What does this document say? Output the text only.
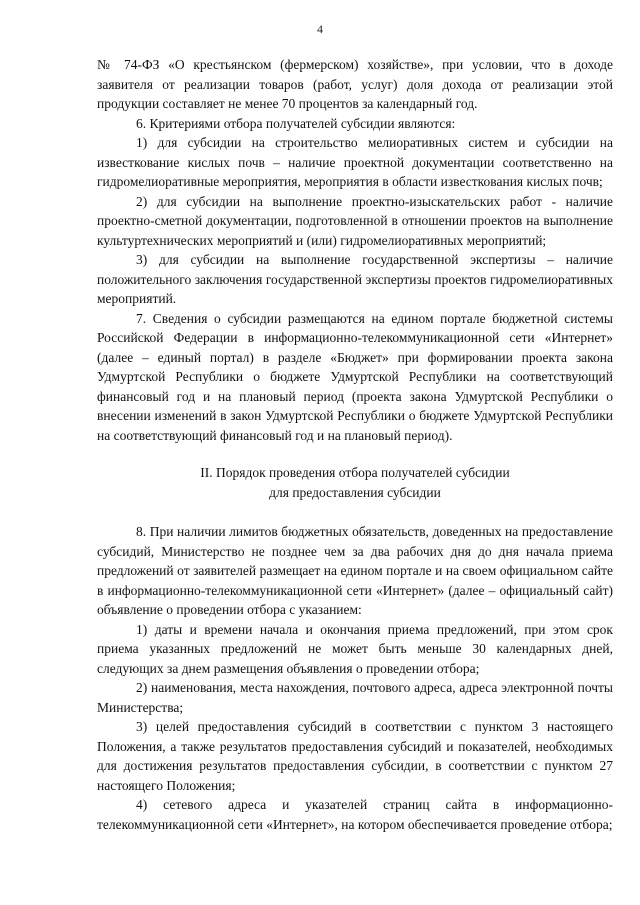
4

№ 74-ФЗ «О крестьянском (фермерском) хозяйстве», при условии, что в доходе заявителя от реализации товаров (работ, услуг) доля дохода от реализации этой продукции составляет не менее 70 процентов за календарный год.

6. Критериями отбора получателей субсидии являются:

1) для субсидии на строительство мелиоративных систем и субсидии на известкование кислых почв – наличие проектной документации соответственно на гидромелиоративные мероприятия, мероприятия в области известкования кислых почв;

2) для субсидии на выполнение проектно-изыскательских работ - наличие проектно-сметной документации, подготовленной в отношении проектов на выполнение культуртехнических мероприятий и (или) гидромелиоративных мероприятий;

3) для субсидии на выполнение государственной экспертизы – наличие положительного заключения государственной экспертизы проектов гидромелиоративных мероприятий.

7. Сведения о субсидии размещаются на едином портале бюджетной системы Российской Федерации в информационно-телекоммуникационной сети «Интернет» (далее – единый портал) в разделе «Бюджет» при формировании проекта закона Удмуртской Республики о бюджете Удмуртской Республики на соответствующий финансовый год и на плановый период (проекта закона Удмуртской Республики о внесении изменений в закон Удмуртской Республики о бюджете Удмуртской Республики на соответствующий финансовый год и на плановый период).

II. Порядок проведения отбора получателей субсидии

для предоставления субсидии

8. При наличии лимитов бюджетных обязательств, доведенных на предоставление субсидий, Министерство не позднее чем за два рабочих дня до дня начала приема предложений от заявителей размещает на едином портале и на своем официальном сайте в информационно-телекоммуникационной сети «Интернет» (далее – официальный сайт) объявление о проведении отбора с указанием:

1) даты и времени начала и окончания приема предложений, при этом срок приема указанных предложений не может быть меньше 30 календарных дней, следующих за днем размещения объявления о проведении отбора;

2) наименования, места нахождения, почтового адреса, адреса электронной почты Министерства;

3) целей предоставления субсидий в соответствии с пунктом 3 настоящего Положения, а также результатов предоставления субсидий и показателей, необходимых для достижения результатов предоставления субсидии, в соответствии с пунктом 27 настоящего Положения;

4) сетевого адреса и указателей страниц сайта в информационно-телекоммуникационной сети «Интернет», на котором обеспечивается проведение отбора;
